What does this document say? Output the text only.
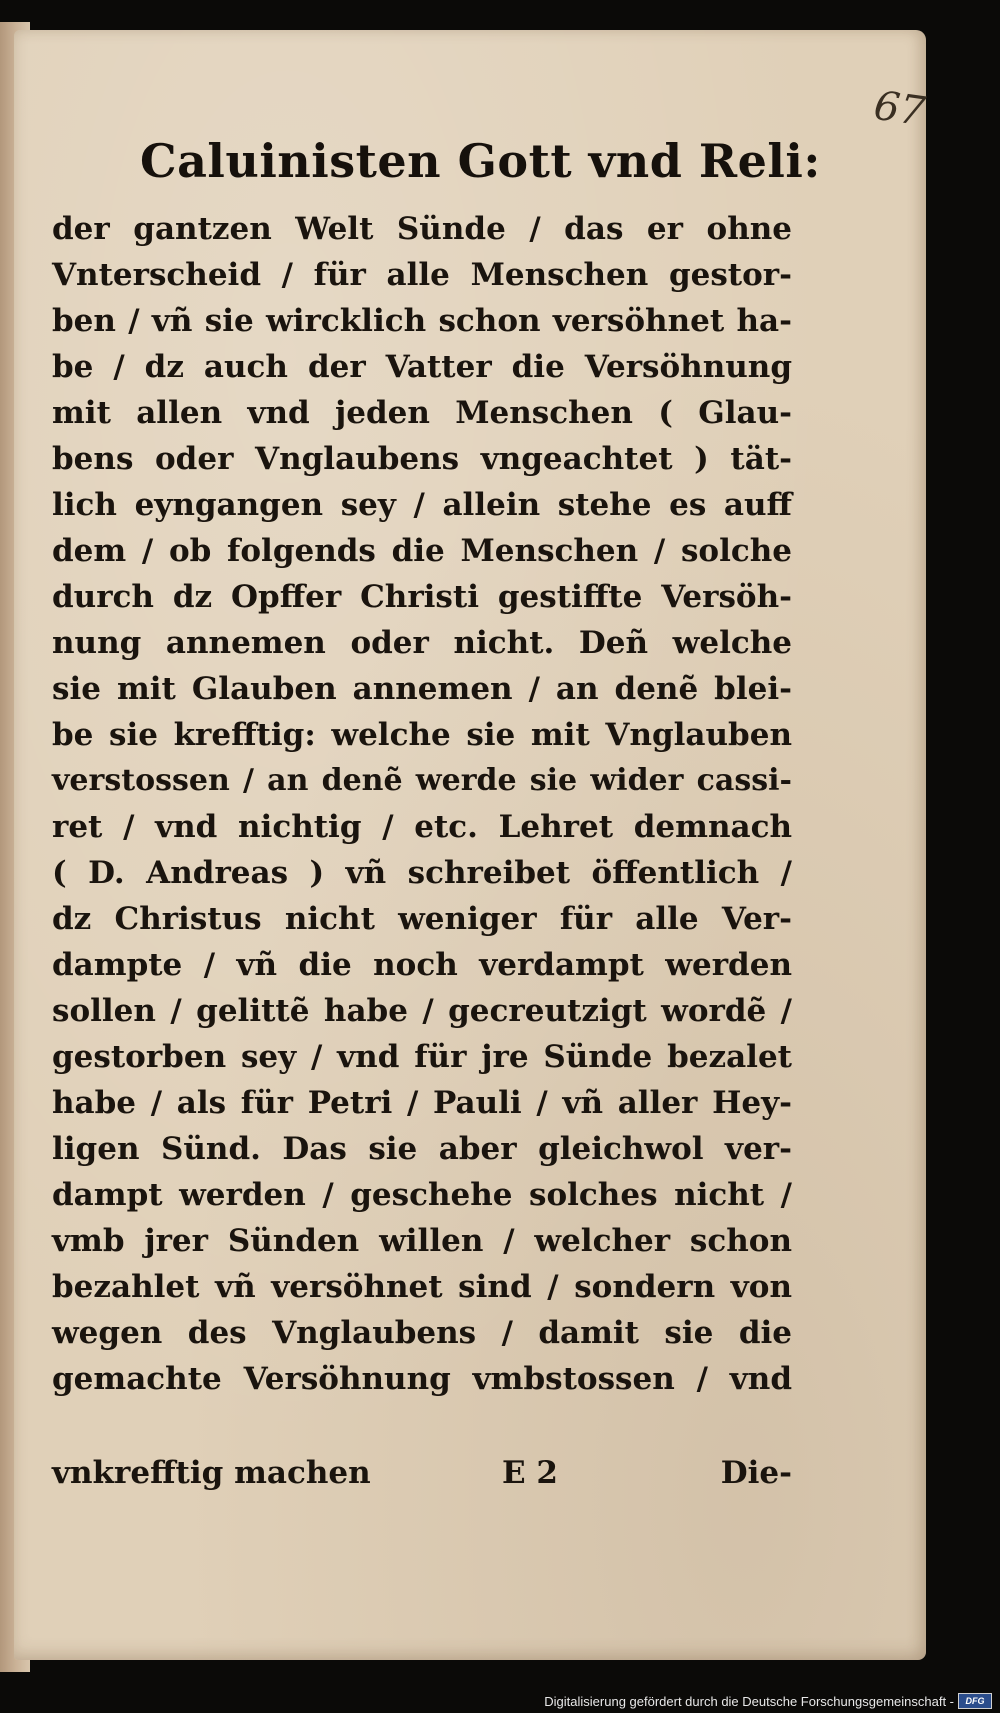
67
Caluinisten Gott vnd Reli:
der gantzen Welt Sünde / das er ohne
Vnterscheid / für alle Menschen gestor-
ben / vñ sie wircklich schon versöhnet ha-
be / dz auch der Vatter die Versöhnung
mit allen vnd jeden Menschen ( Glau-
bens oder Vnglaubens vngeachtet ) tät-
lich eyngangen sey / allein stehe es auff
dem / ob folgends die Menschen / solche
durch dz Opffer Christi gestiffte Versöh-
nung annemen oder nicht. Deñ welche
sie mit Glauben annemen / an denẽ blei-
be sie krefftig: welche sie mit Vnglauben
verstossen / an denẽ werde sie wider cassi-
ret / vnd nichtig / etc. Lehret demnach
( D. Andreas ) vñ schreibet öffentlich /
dz Christus nicht weniger für alle Ver-
dampte / vñ die noch verdampt werden
sollen / gelittẽ habe / gecreutzigt wordẽ /
gestorben sey / vnd für jre Sünde bezalet
habe / als für Petri / Pauli / vñ aller Hey-
ligen Sünd. Das sie aber gleichwol ver-
dampt werden / geschehe solches nicht /
vmb jrer Sünden willen / welcher schon
bezahlet vñ versöhnet sind / sondern von
wegen des Vnglaubens / damit sie die
gemachte Versöhnung vmbstossen / vnd
vnkrefftig machen	E 2	Die-
Digitalisierung gefördert durch die Deutsche Forschungsgemeinschaft -	DFG
